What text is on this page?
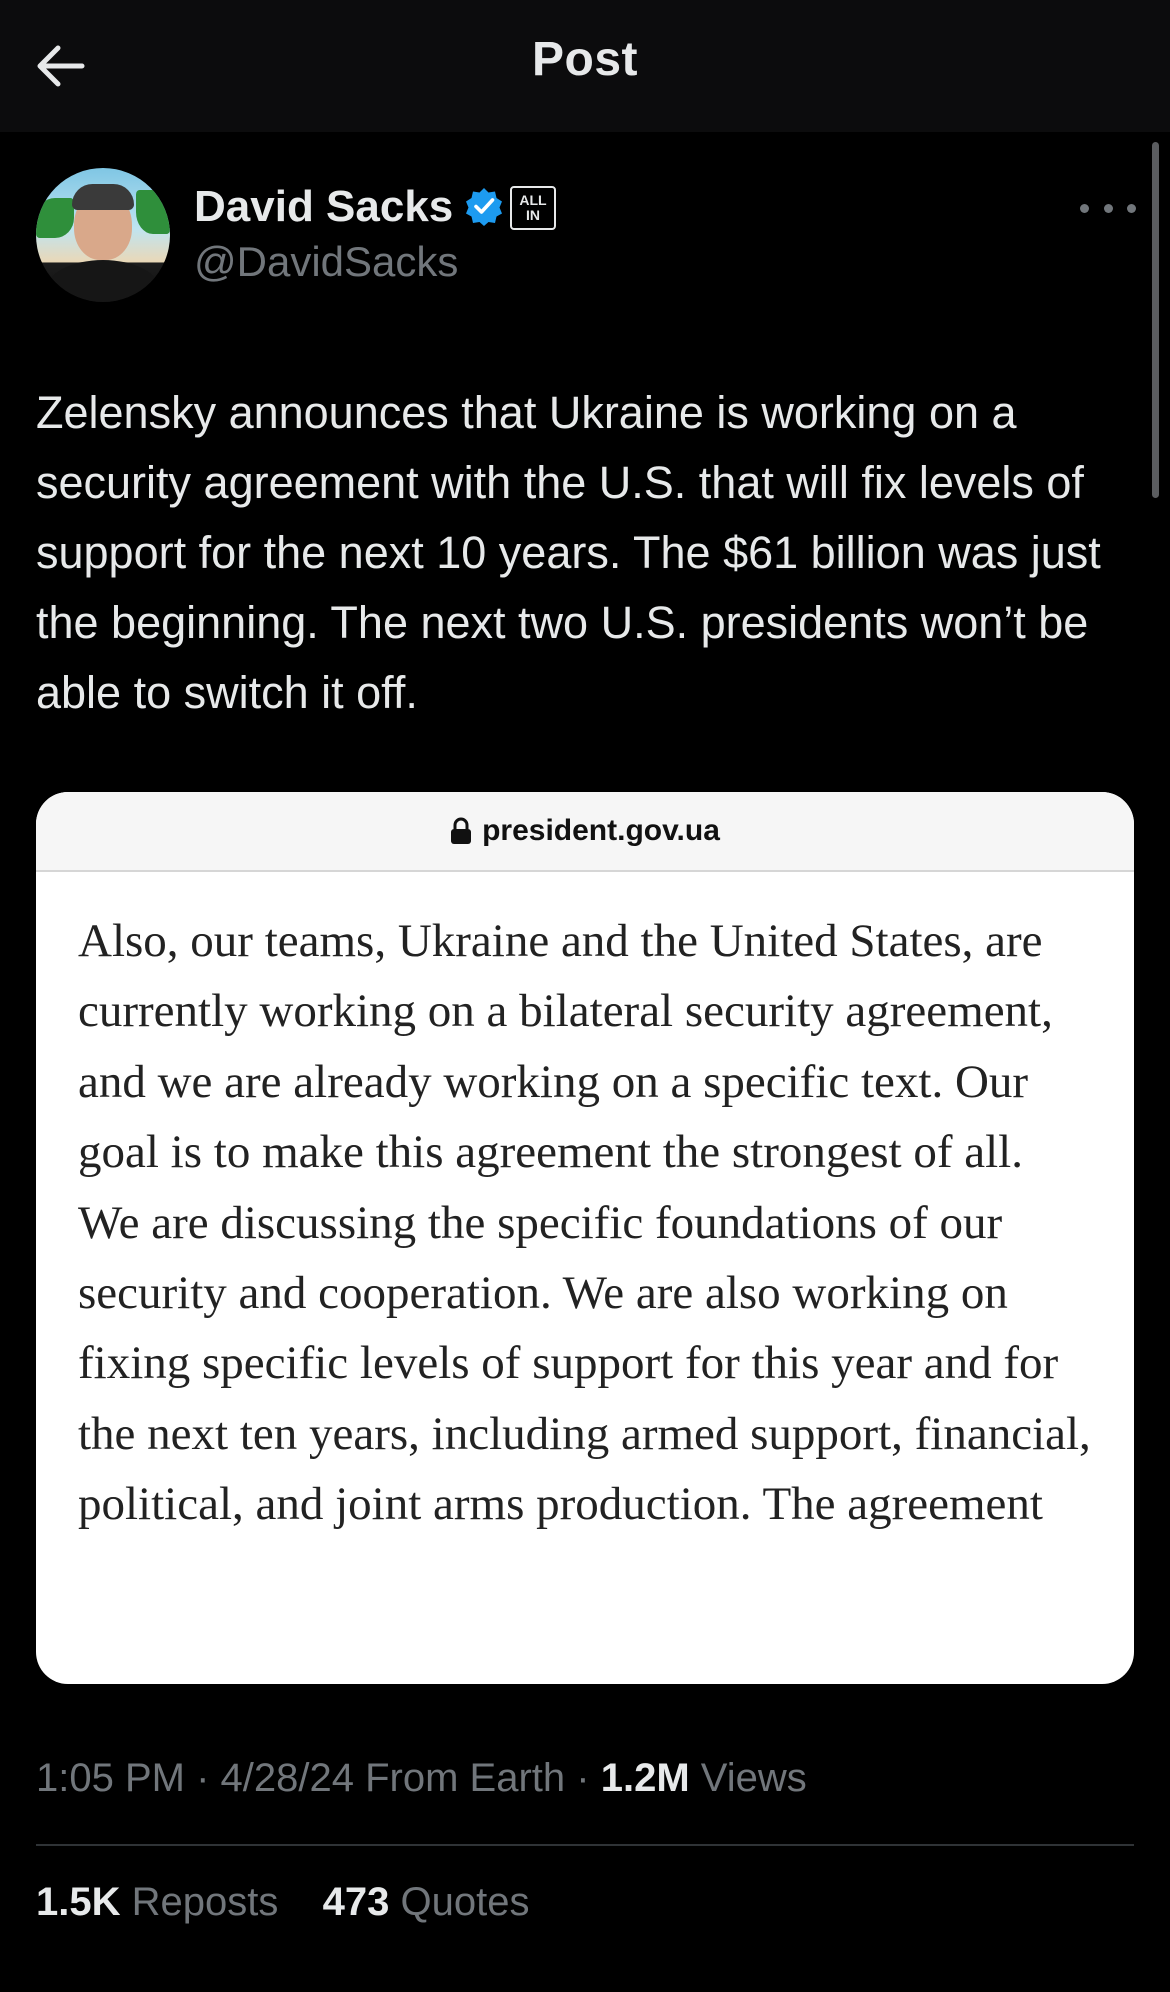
Post
David Sacks	ALL IN
@DavidSacks
Zelensky announces that Ukraine is working on a security agreement with the U.S. that will fix levels of support for the next 10 years. The $61 billion was just the beginning. The next two U.S. presidents won’t be able to switch it off.
president.gov.ua
Also, our teams, Ukraine and the United States, are currently working on a bilateral security agreement, and we are already working on a specific text. Our goal is to make this agreement the strongest of all. We are discussing the specific foundations of our security and cooperation. We are also working on fixing specific levels of support for this year and for the next ten years, including armed support, financial, political, and joint arms production. The agreement
1:05 PM · 4/28/24 From Earth · 1.2M Views
1.5K Reposts 473 Quotes
